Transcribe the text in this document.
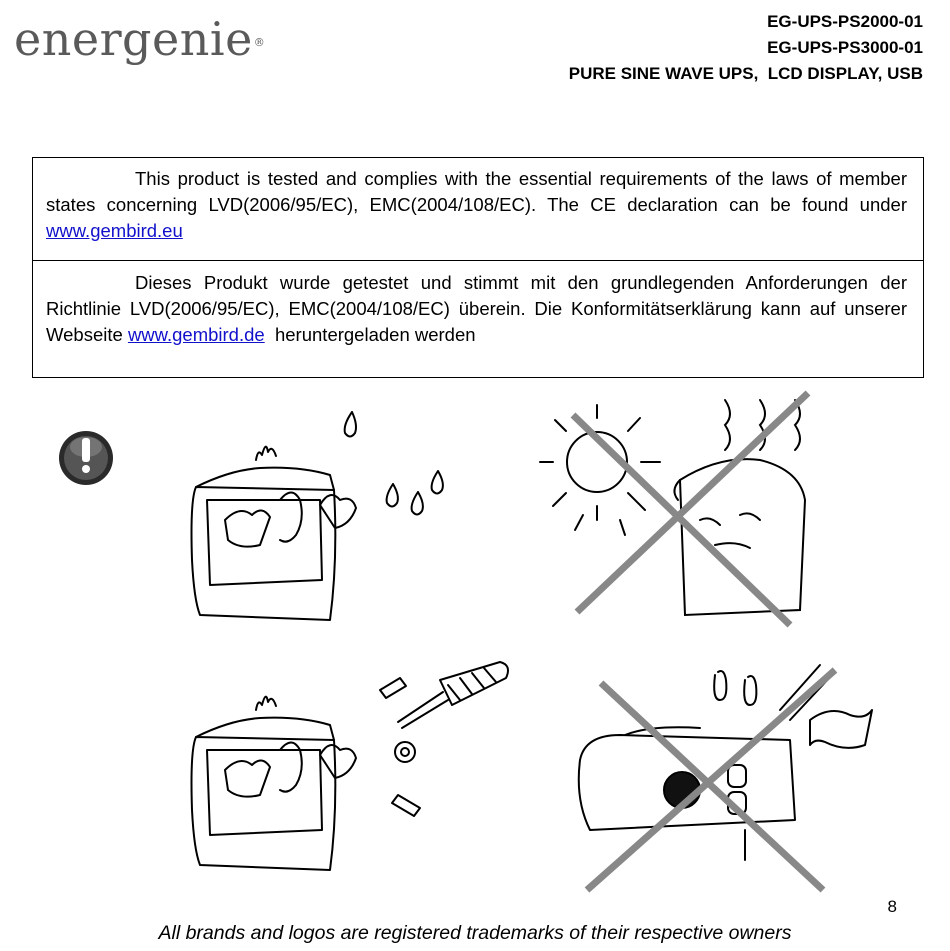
energenie®
EG-UPS-PS2000-01
EG-UPS-PS3000-01
PURE SINE WAVE UPS,  LCD DISPLAY, USB
This product is tested and complies with the essential requirements of the laws of member states concerning LVD(2006/95/EC), EMC(2004/108/EC). The CE declaration can be found under www.gembird.eu
Dieses Produkt wurde getestet und stimmt mit den grundlegenden Anforderungen der Richtlinie LVD(2006/95/EC), EMC(2004/108/EC) überein. Die Konformitätserklärung kann auf unserer Webseite www.gembird.de  heruntergeladen werden
8
All brands and logos are registered trademarks of their respective owners
